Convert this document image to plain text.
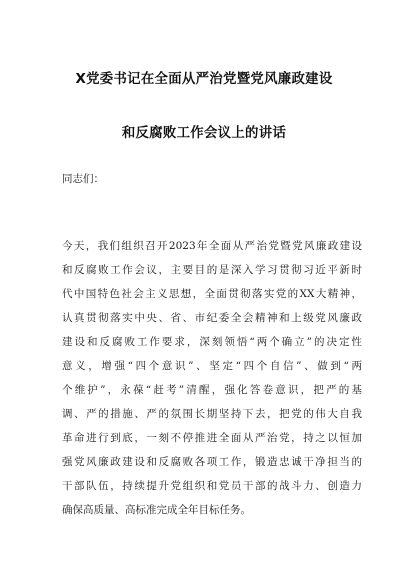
X党委书记在全面从严治党暨党风廉政建设
和反腐败工作会议上的讲话
同志们：
今天，我们组织召开2023年全面从严治党暨党风廉政建设
和反腐败工作会议，主要目的是深入学习贯彻习近平新时
代中国特色社会主义思想，全面贯彻落实党的XX大精神，
认真贯彻落实中央、省、市纪委全会精神和上级党风廉政
建设和反腐败工作要求，深刻领悟“两个确立”的决定性
意义，增强“四个意识”、坚定“四个自信”、做到“两
个维护”，永葆“赶考”清醒，强化答卷意识，把严的基
调、严的措施、严的氛围长期坚持下去，把党的伟大自我
革命进行到底，一刻不停推进全面从严治党，持之以恒加
强党风廉政建设和反腐败各项工作，锻造忠诚干净担当的
干部队伍，持续提升党组织和党员干部的战斗力、创造力
确保高质量、高标准完成全年目标任务。
